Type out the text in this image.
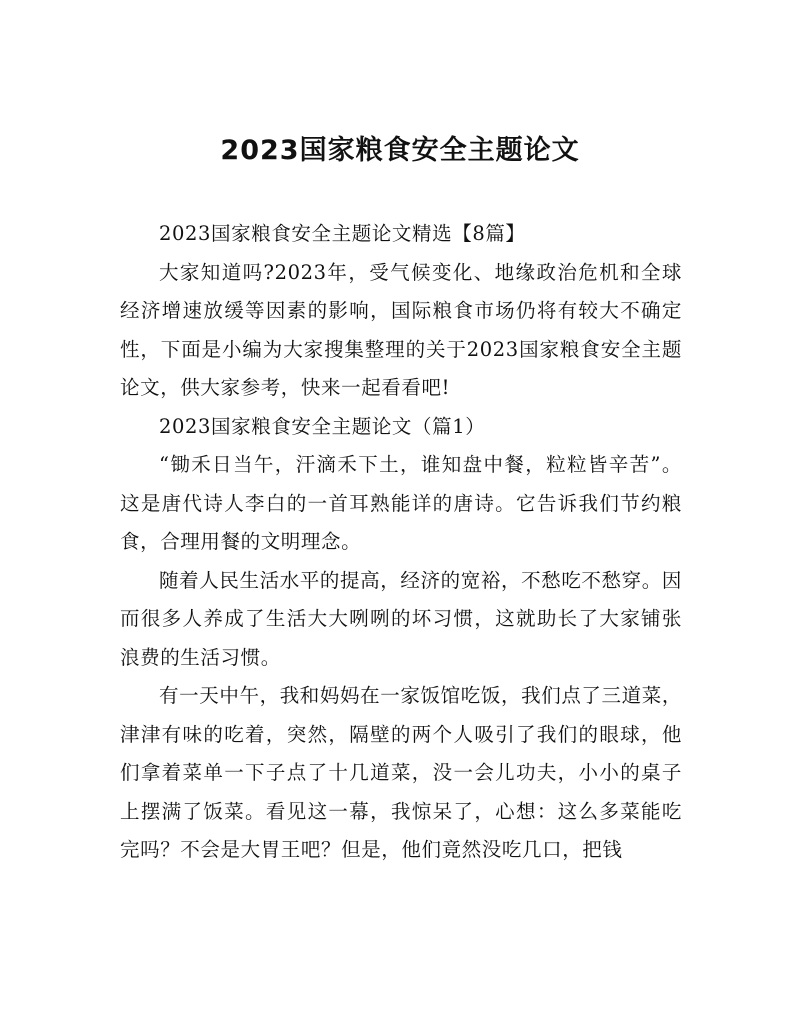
2023国家粮食安全主题论文

2023国家粮食安全主题论文精选【8篇】

大家知道吗?2023年，受气候变化、地缘政治危机和全球经济增速放缓等因素的影响，国际粮食市场仍将有较大不确定性，下面是小编为大家搜集整理的关于2023国家粮食安全主题论文，供大家参考，快来一起看看吧!

2023国家粮食安全主题论文（篇1）

“锄禾日当午，汗滴禾下土，谁知盘中餐，粒粒皆辛苦”。这是唐代诗人李白的一首耳熟能详的唐诗。它告诉我们节约粮食，合理用餐的文明理念。

随着人民生活水平的提高，经济的宽裕，不愁吃不愁穿。因而很多人养成了生活大大咧咧的坏习惯，这就助长了大家铺张浪费的生活习惯。

有一天中午，我和妈妈在一家饭馆吃饭，我们点了三道菜，津津有味的吃着，突然，隔壁的两个人吸引了我们的眼球，他们拿着菜单一下子点了十几道菜，没一会儿功夫，小小的桌子上摆满了饭菜。看见这一幕，我惊呆了，心想：这么多菜能吃完吗？不会是大胃王吧？但是，他们竟然没吃几口，把钱
